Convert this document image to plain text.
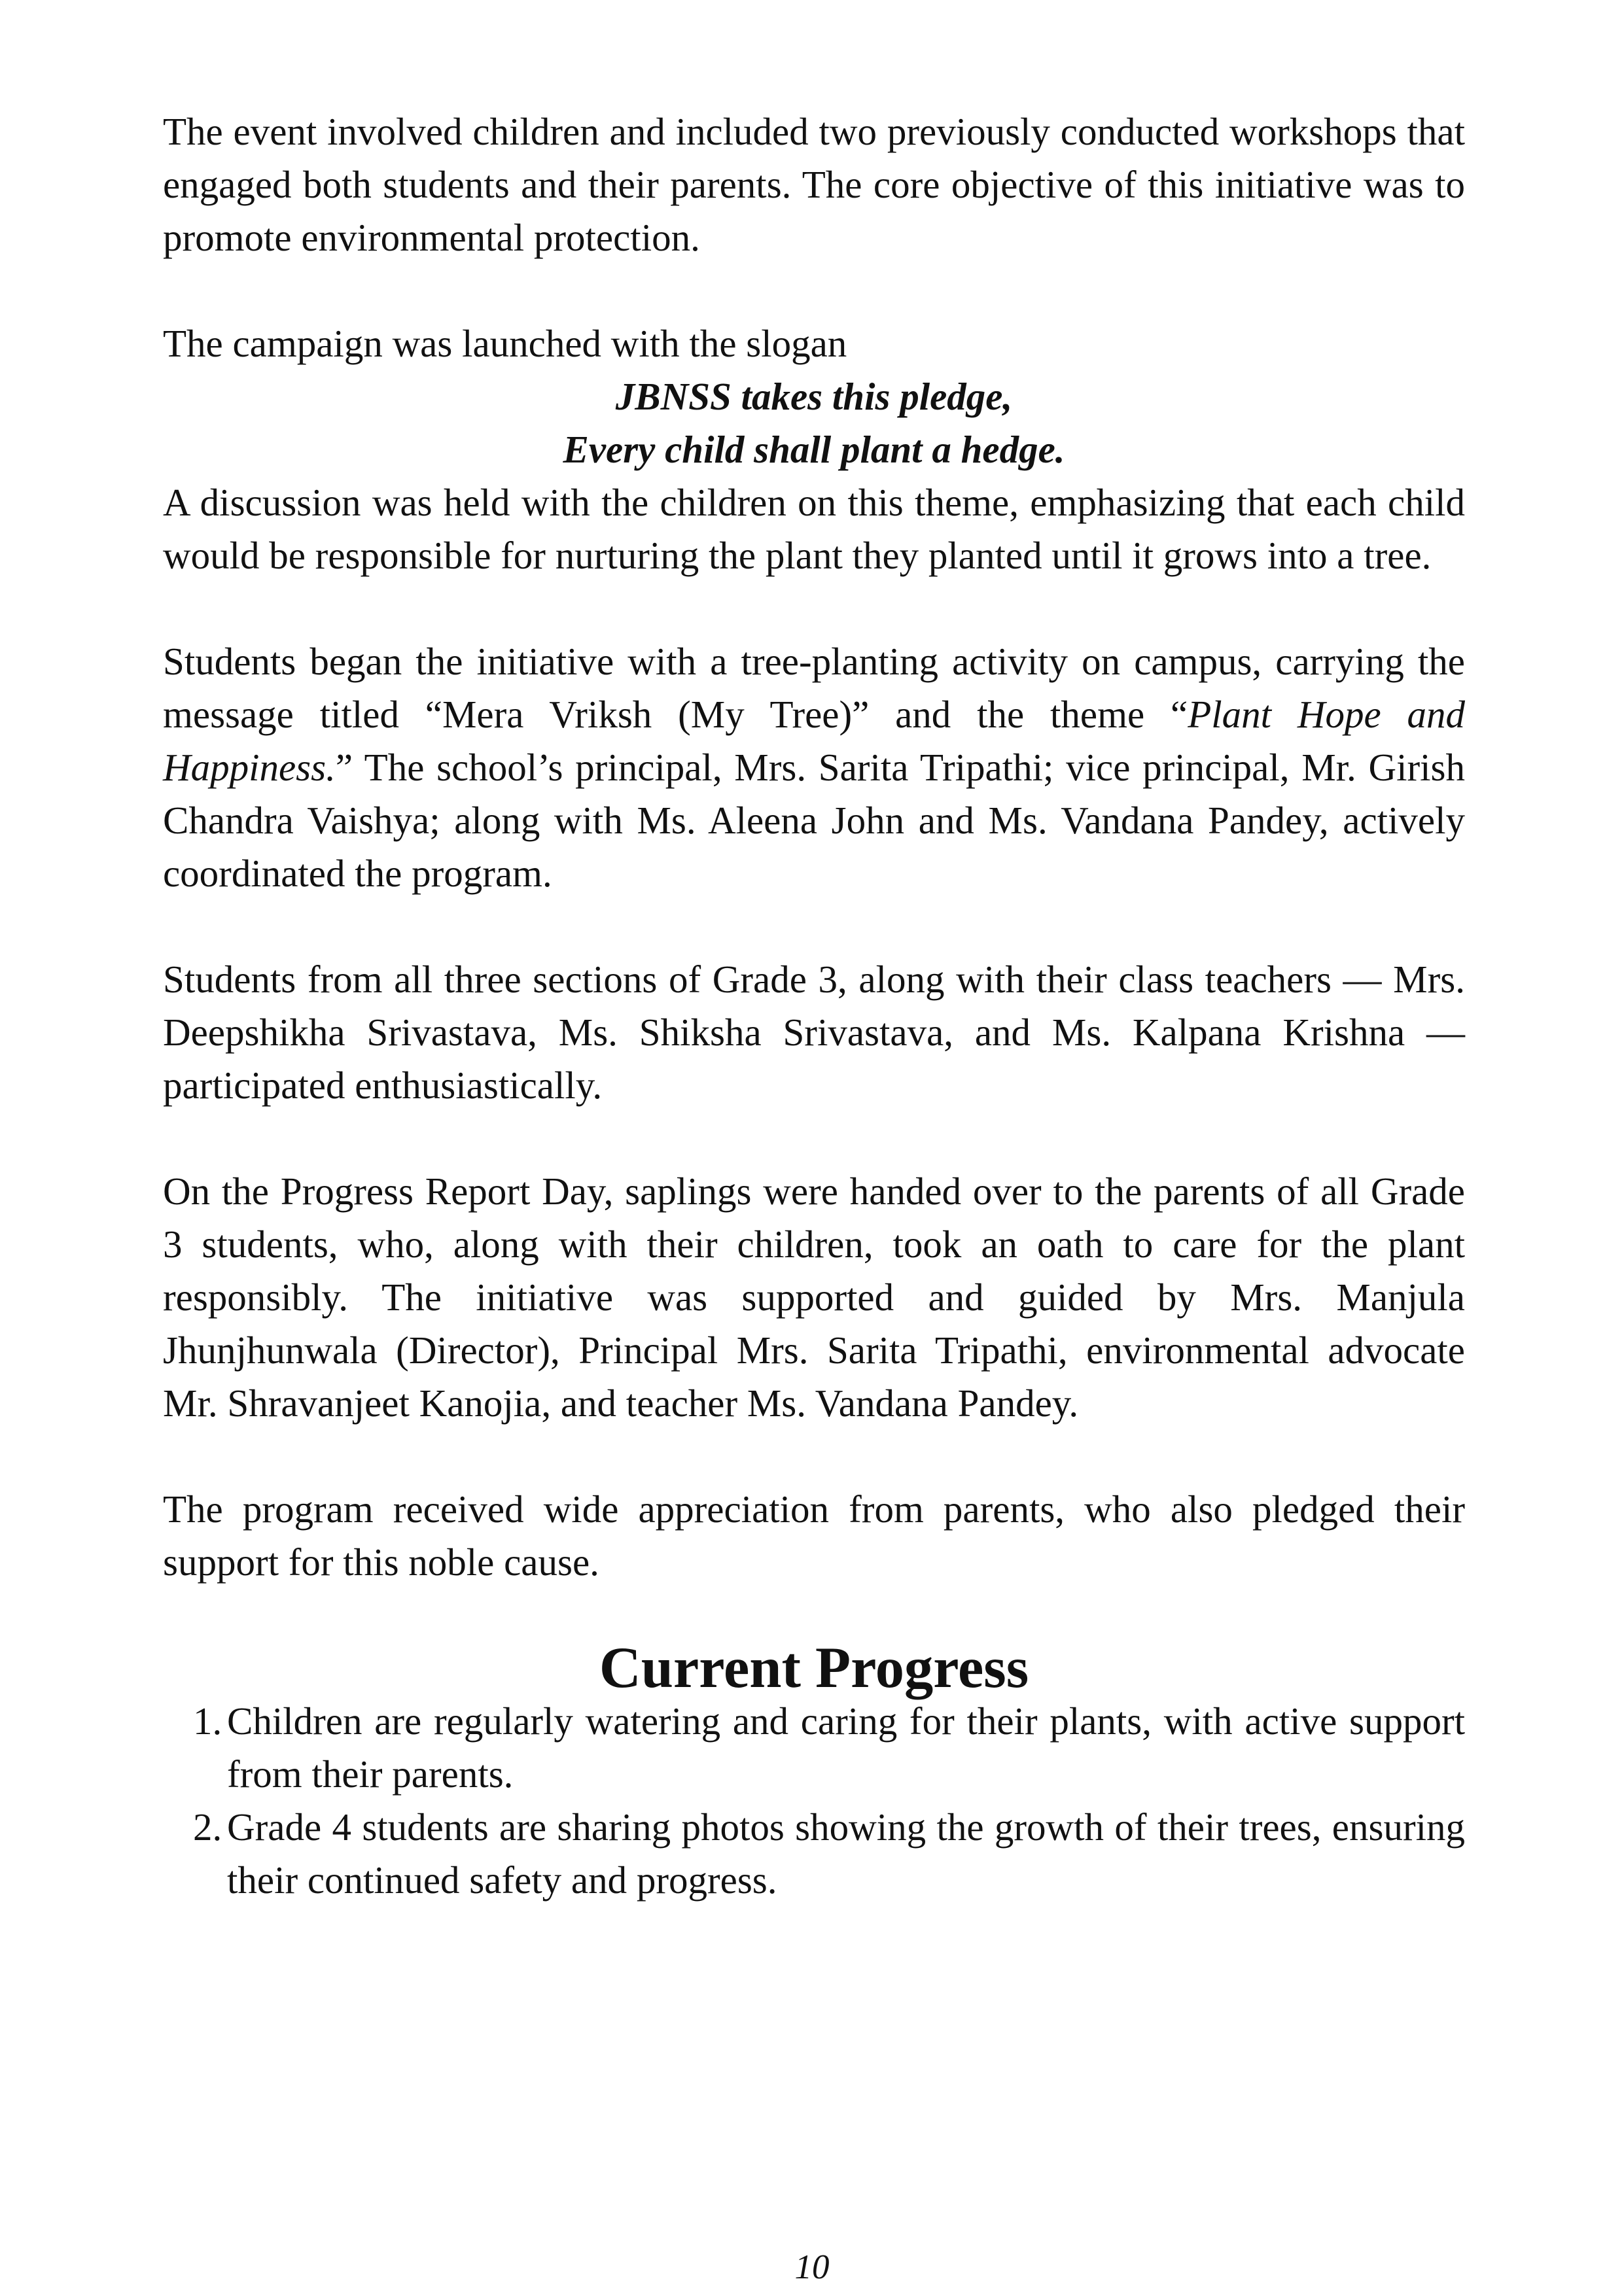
The event involved children and included two previously conducted workshops that engaged both students and their parents. The core objective of this initiative was to promote environmental protection.

The campaign was launched with the slogan

JBNSS takes this pledge,

Every child shall plant a hedge.

A discussion was held with the children on this theme, emphasizing that each child would be responsible for nurturing the plant they planted until it grows into a tree.

Students began the initiative with a tree-planting activity on campus, carrying the message titled “Mera Vriksh (My Tree)” and the theme “Plant Hope and Happiness.” The school’s principal, Mrs. Sarita Tripathi; vice principal, Mr. Girish Chandra Vaishya; along with Ms. Aleena John and Ms. Vandana Pandey, actively coordinated the program.

Students from all three sections of Grade 3, along with their class teachers — Mrs. Deepshikha Srivastava, Ms. Shiksha Srivastava, and Ms. Kalpana Krishna — participated enthusiastically.

On the Progress Report Day, saplings were handed over to the parents of all Grade 3 students, who, along with their children, took an oath to care for the plant responsibly. The initiative was supported and guided by Mrs. Manjula Jhunjhunwala (Director), Principal Mrs. Sarita Tripathi, environmental advocate Mr. Shravanjeet Kanojia, and teacher Ms. Vandana Pandey.

The program received wide appreciation from parents, who also pledged their support for this noble cause.

Current Progress
1. Children are regularly watering and caring for their plants, with active support from their parents.
2. Grade 4 students are sharing photos showing the growth of their trees, ensuring their continued safety and progress.
10
